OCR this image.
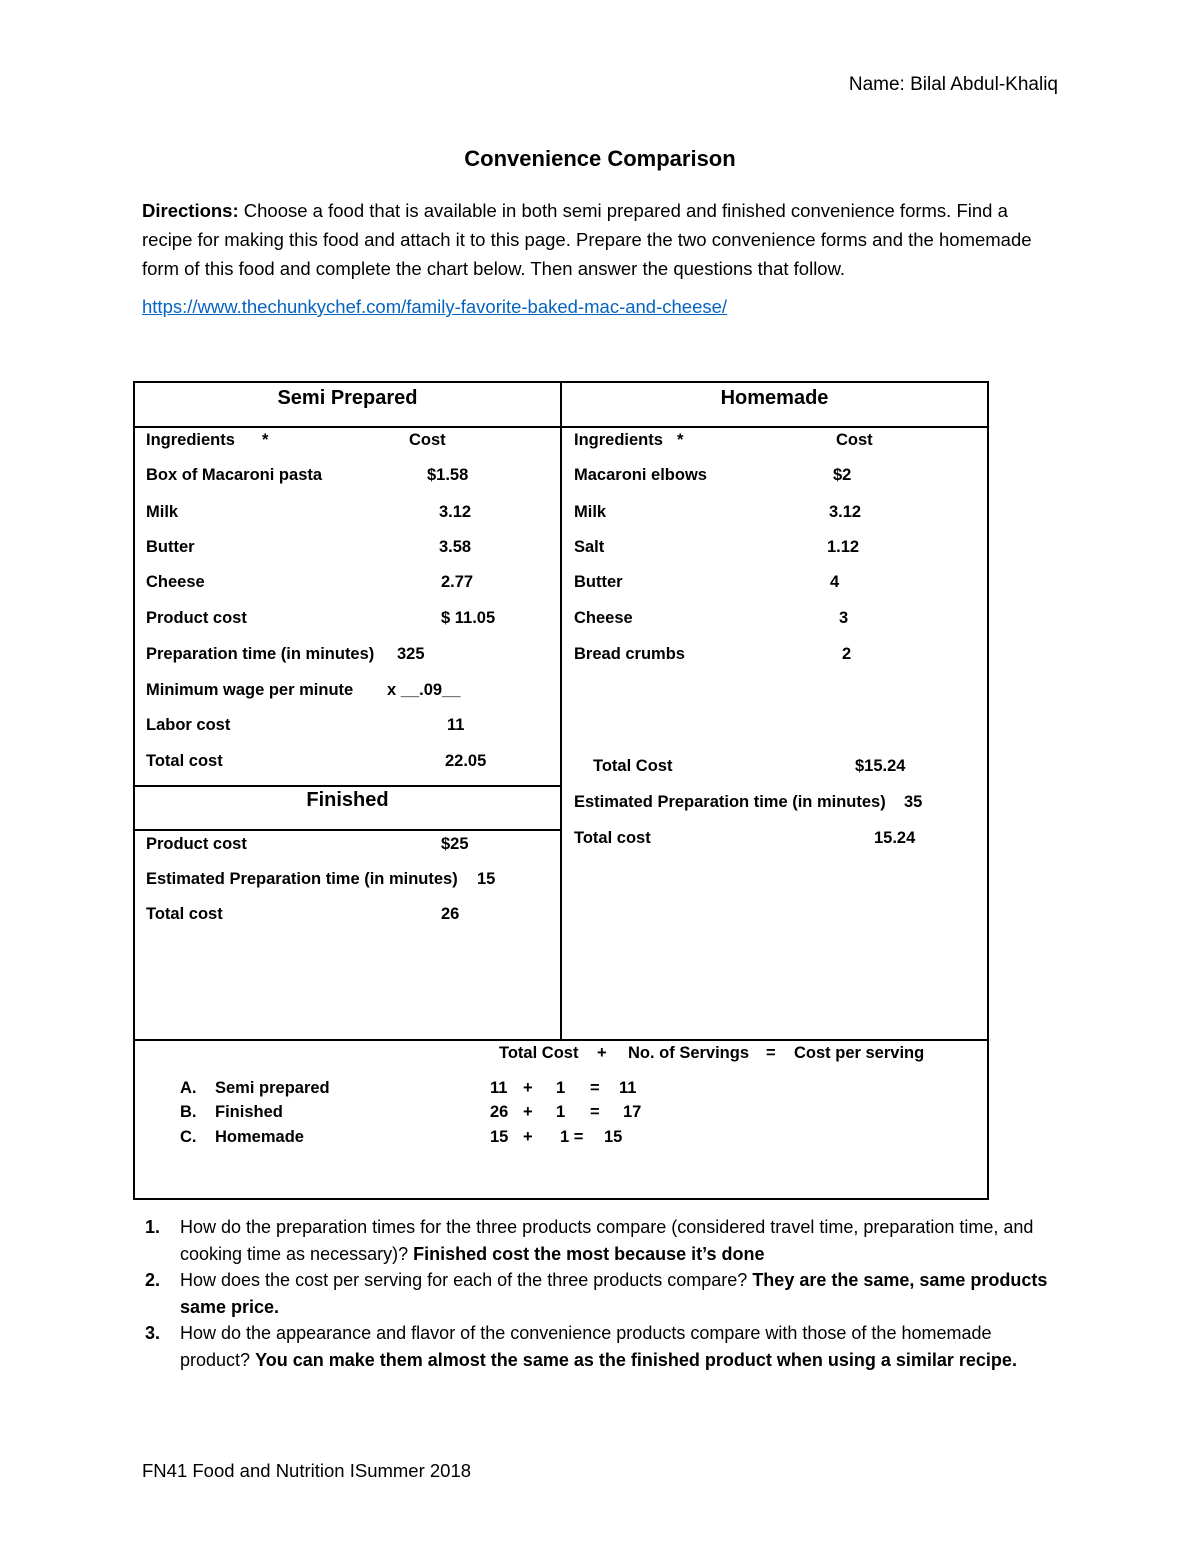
Name: Bilal Abdul-Khaliq
Convenience Comparison
Directions: Choose a food that is available in both semi prepared and finished convenience forms. Find a recipe for making this food and attach it to this page. Prepare the two convenience forms and the homemade form of this food and complete the chart below. Then answer the questions that follow.
https://www.thechunkychef.com/family-favorite-baked-mac-and-cheese/
Semi Prepared	Homemade
Finished
Ingredients *	Cost
Box of Macaroni pasta	$1.58
Milk	3.12
Butter	3.58
Cheese	2.77
Product cost	$ 11.05
Preparation time (in minutes) 325
Minimum wage per minute x __.09__
Labor cost	11
Total cost	22.05
Product cost	$25
Estimated Preparation time (in minutes) 15
Total cost	26
Ingredients *	Cost
Macaroni elbows	$2
Milk	3.12
Salt	1.12
Butter	4
Cheese	3
Bread crumbs	2
Total Cost	$15.24
Estimated Preparation time (in minutes) 35
Total cost	15.24
Total Cost + No. of Servings = Cost per serving
A. Semi prepared	11 + 1 = 11
B. Finished	26 + 1 = 17
C. Homemade	15 + 1 = 15
1. How do the preparation times for the three products compare (considered travel time, preparation time, and cooking time as necessary)? Finished cost the most because it’s done
2. How does the cost per serving for each of the three products compare? They are the same, same products same price.
3. How do the appearance and flavor of the convenience products compare with those of the homemade product? You can make them almost the same as the finished product when using a similar recipe.
FN41 Food and Nutrition ISummer 2018
